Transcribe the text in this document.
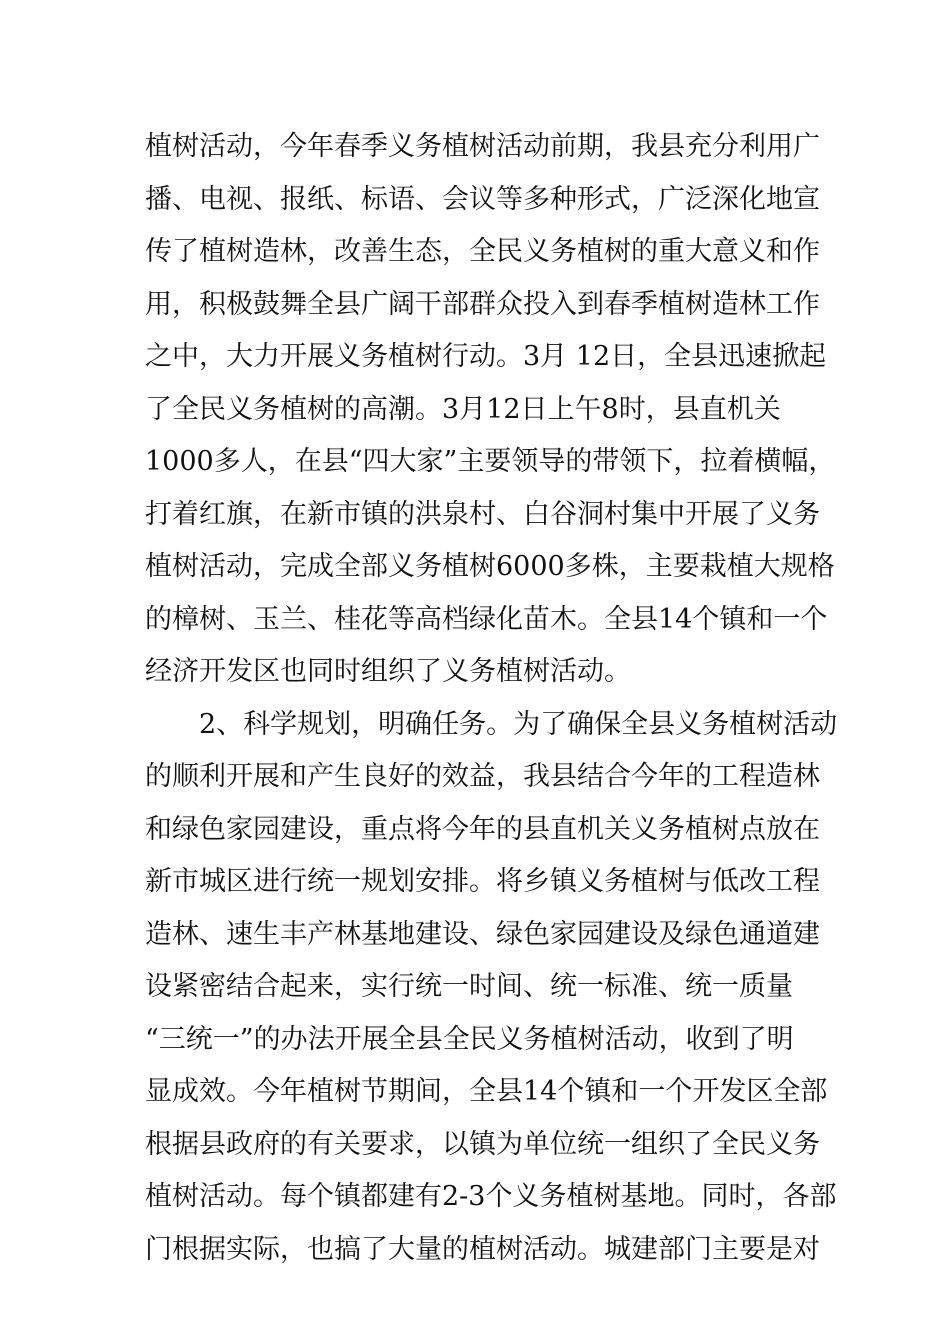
植树活动，今年春季义务植树活动前期，我县充分利用广
播、电视、报纸、标语、会议等多种形式，广泛深化地宣
传了植树造林，改善生态，全民义务植树的重大意义和作
用，积极鼓舞全县广阔干部群众投入到春季植树造林工作
之中，大力开展义务植树行动。3月 12日，全县迅速掀起
了全民义务植树的高潮。3月12日上午8时，县直机关
1000多人，在县“四大家”主要领导的带领下，拉着横幅，
打着红旗，在新市镇的洪泉村、白谷洞村集中开展了义务
植树活动，完成全部义务植树6000多株，主要栽植大规格
的樟树、玉兰、桂花等高档绿化苗木。全县14个镇和一个
经济开发区也同时组织了义务植树活动。
2、科学规划，明确任务。为了确保全县义务植树活动
的顺利开展和产生良好的效益，我县结合今年的工程造林
和绿色家园建设，重点将今年的县直机关义务植树点放在
新市城区进行统一规划安排。将乡镇义务植树与低改工程
造林、速生丰产林基地建设、绿色家园建设及绿色通道建
设紧密结合起来，实行统一时间、统一标准、统一质量
“三统一”的办法开展全县全民义务植树活动，收到了明
显成效。今年植树节期间，全县14个镇和一个开发区全部
根据县政府的有关要求，以镇为单位统一组织了全民义务
植树活动。每个镇都建有2-3个义务植树基地。同时，各部
门根据实际，也搞了大量的植树活动。城建部门主要是对
